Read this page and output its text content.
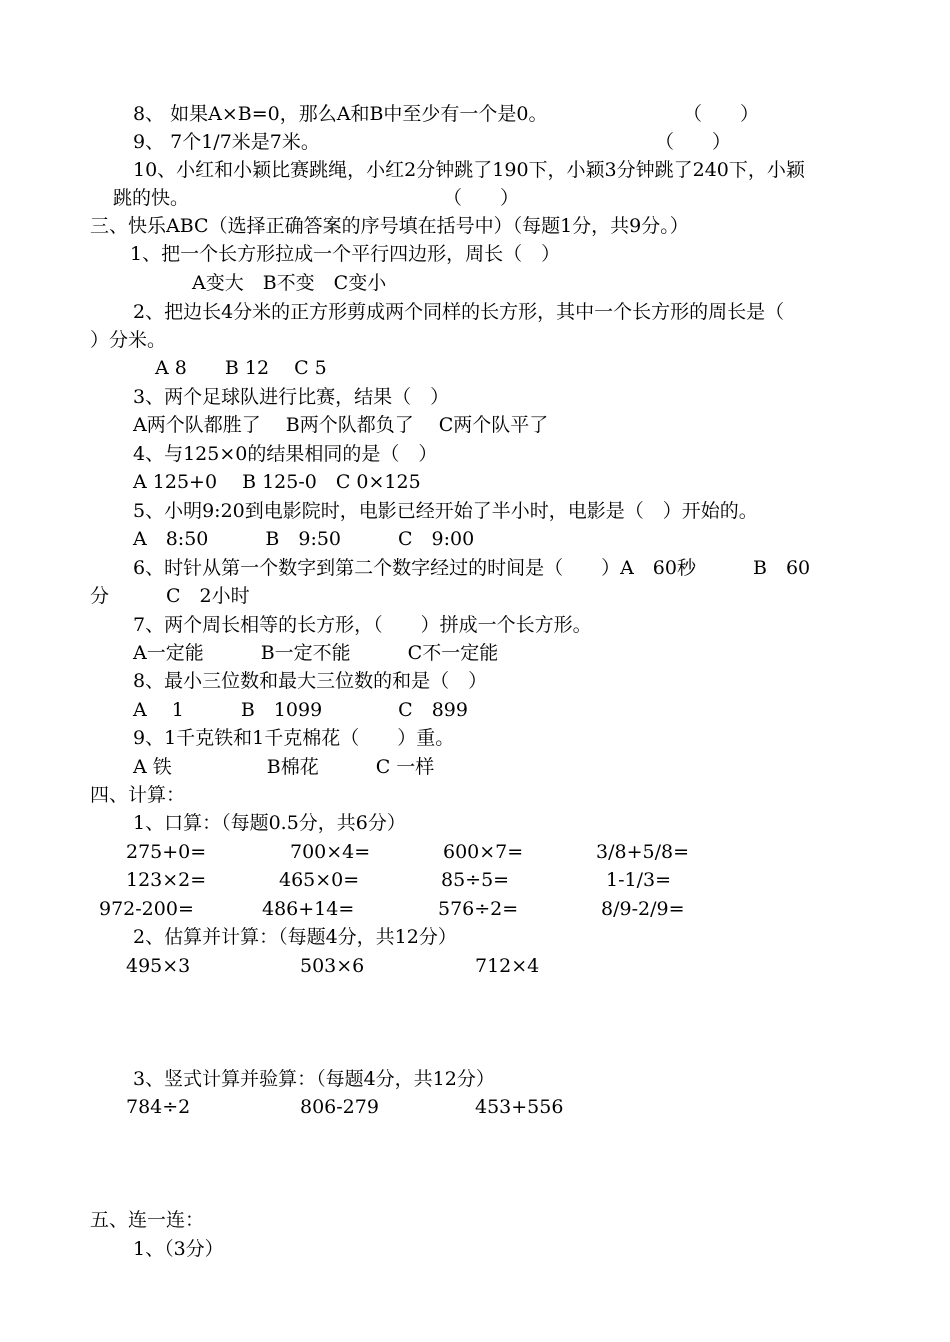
8、 如果A×B=0，那么A和B中至少有一个是0。	（　　）
9、 7个1/7米是7米。	（　　）
10、小红和小颖比赛跳绳，小红2分钟跳了190下，小颖3分钟跳了240下，小颖
跳的快。	（　　）
三、快乐ABC（选择正确答案的序号填在括号中）（每题1分，共9分。）
1、把一个长方形拉成一个平行四边形，周长（　）
A变大　B不变　C变小
2、把边长4分米的正方形剪成两个同样的长方形，其中一个长方形的周长是（
）分米。
A 8　　B 12　 C 5
3、两个足球队进行比赛，结果（　）
A两个队都胜了　 B两个队都负了　 C两个队平了
4、与125×0的结果相同的是（　）
A 125+0　 B 125-0　C 0×125
5、小明9:20到电影院时，电影已经开始了半小时，电影是（　）开始的。
A　8:50　　　B　9:50　　　C　9:00
6、时针从第一个数字到第二个数字经过的时间是（　　）A　60秒　　　B　60
分　　　C　2小时
7、两个周长相等的长方形，（　　）拼成一个长方形。
A一定能　　　B一定不能　　　C不一定能
8、最小三位数和最大三位数的和是（　）
A　 1　　　B　1099　　　　C　899
9、1千克铁和1千克棉花（　　）重。
A 铁　　　　　B棉花　　　C 一样
四、计算：
1、口算：（每题0.5分，共6分）
275+0=	700×4=	600×7=	3/8+5/8=
123×2=	465×0=	85÷5=	1-1/3=
972-200=	486+14=	576÷2=	8/9-2/9=
2、估算并计算：（每题4分，共12分）
495×3	503×6	712×4
3、竖式计算并验算：（每题4分，共12分）
784÷2	806-279	453+556
五、连一连：
1、（3分）
